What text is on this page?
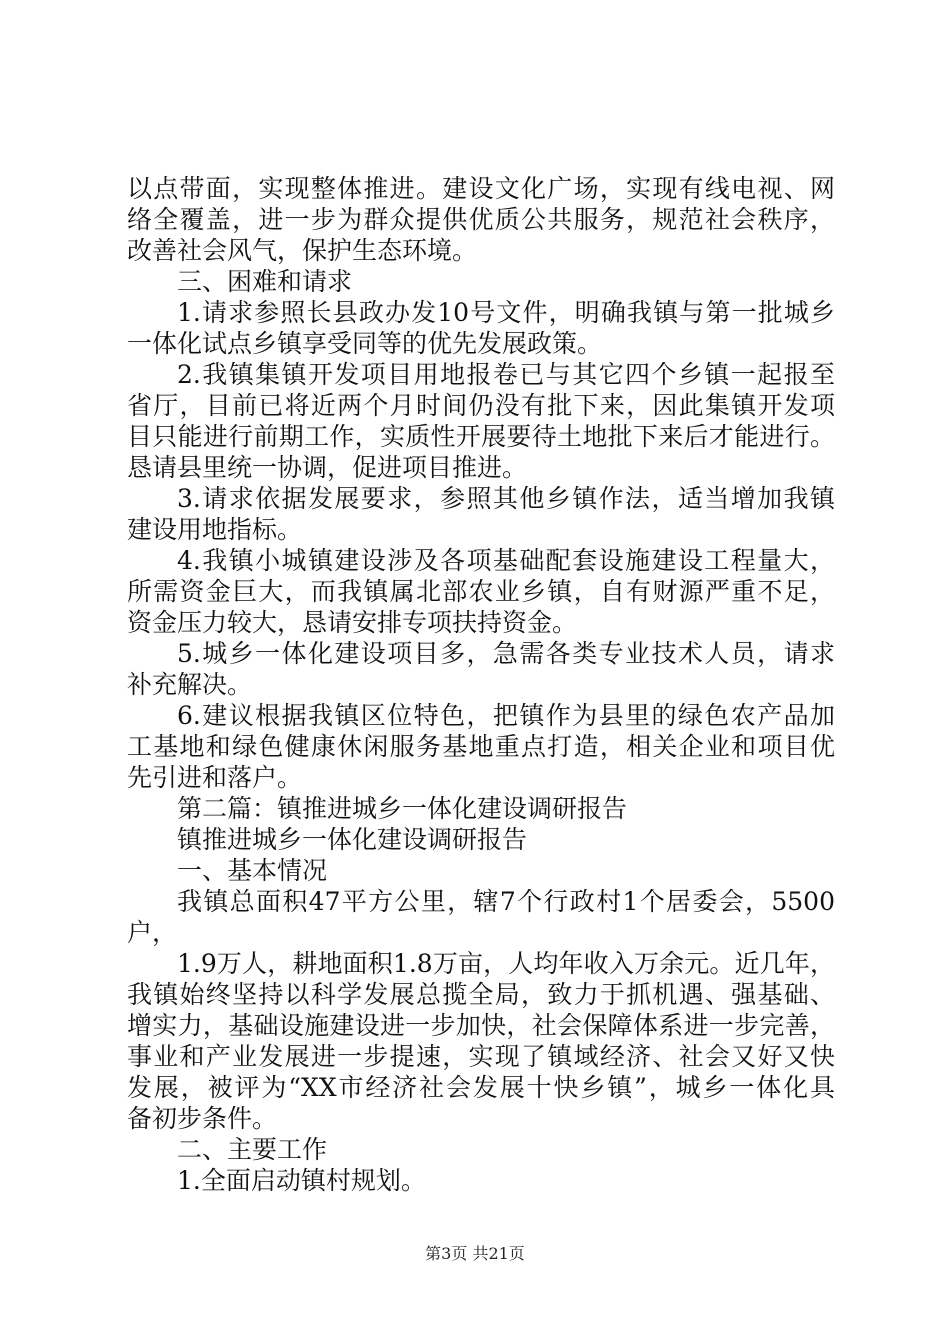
以点带面，实现整体推进。建设文化广场，实现有线电视、网
络全覆盖，进一步为群众提供优质公共服务，规范社会秩序，
改善社会风气，保护生态环境。
三、困难和请求
1.请求参照长县政办发10号文件，明确我镇与第一批城乡
一体化试点乡镇享受同等的优先发展政策。
2.我镇集镇开发项目用地报卷已与其它四个乡镇一起报至
省厅，目前已将近两个月时间仍没有批下来，因此集镇开发项
目只能进行前期工作，实质性开展要待土地批下来后才能进行。
恳请县里统一协调，促进项目推进。
3.请求依据发展要求，参照其他乡镇作法，适当增加我镇
建设用地指标。
4.我镇小城镇建设涉及各项基础配套设施建设工程量大，
所需资金巨大，而我镇属北部农业乡镇，自有财源严重不足，
资金压力较大，恳请安排专项扶持资金。
5.城乡一体化建设项目多，急需各类专业技术人员，请求
补充解决。
6.建议根据我镇区位特色，把镇作为县里的绿色农产品加
工基地和绿色健康休闲服务基地重点打造，相关企业和项目优
先引进和落户。
第二篇：镇推进城乡一体化建设调研报告
镇推进城乡一体化建设调研报告
一、基本情况
我镇总面积47平方公里，辖7个行政村1个居委会，5500
户，
1.9万人，耕地面积1.8万亩，人均年收入万余元。近几年，
我镇始终坚持以科学发展总揽全局，致力于抓机遇、强基础、
增实力，基础设施建设进一步加快，社会保障体系进一步完善，
事业和产业发展进一步提速，实现了镇域经济、社会又好又快
发展，被评为“XX市经济社会发展十快乡镇”，城乡一体化具
备初步条件。
二、主要工作
1.全面启动镇村规划。
第3页 共21页
